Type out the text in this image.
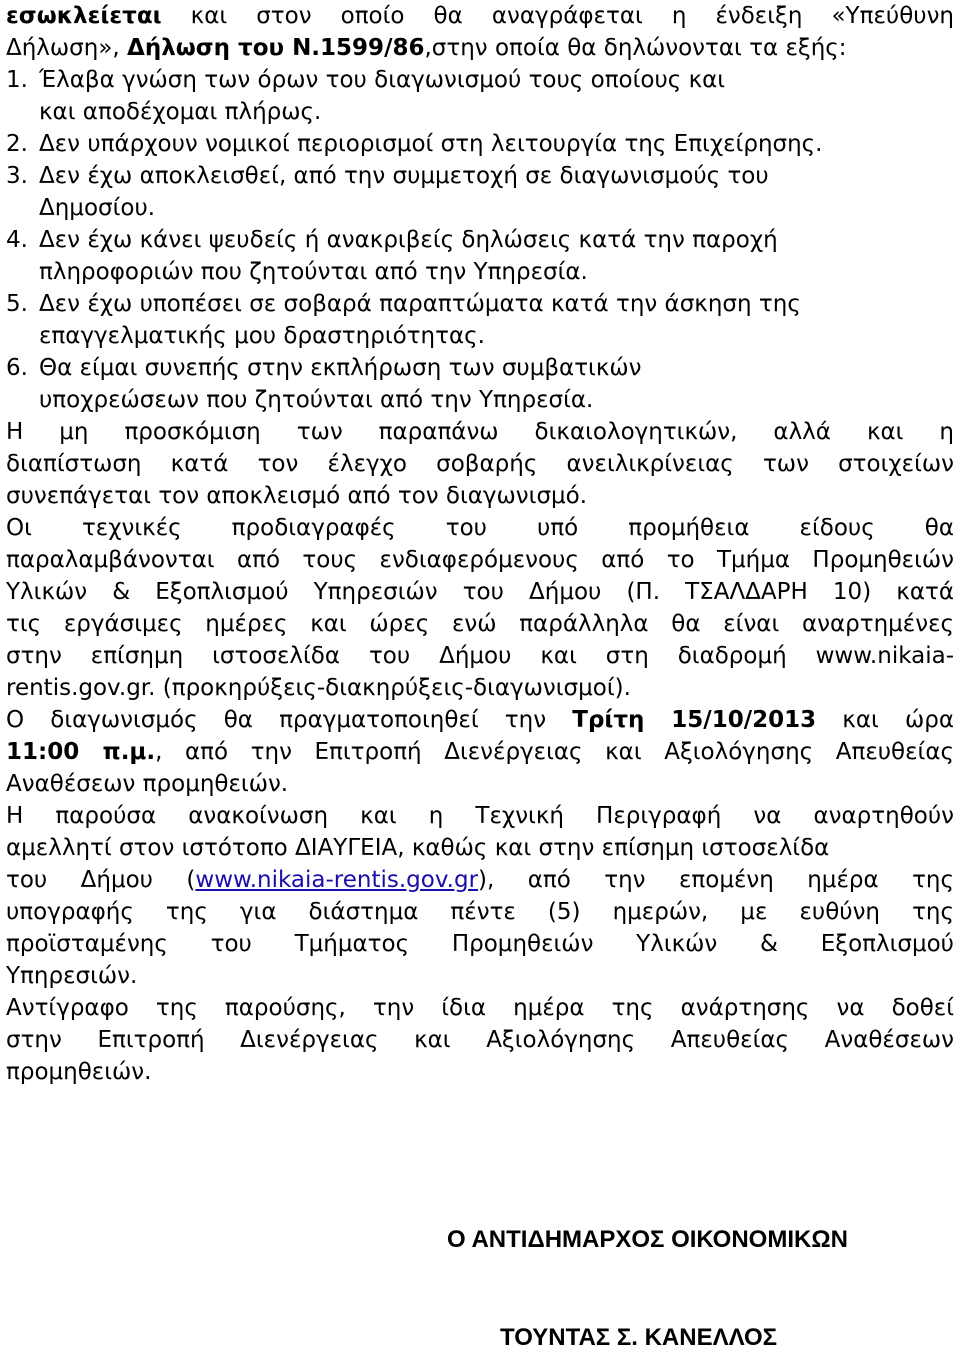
εσωκλείεται και στον οποίο θα αναγράφεται η ένδειξη «Υπεύθυνη
Δήλωση», Δήλωση του Ν.1599/86,στην οποία θα δηλώνονται τα εξής:
1. Έλαβα γνώση των όρων του διαγωνισμού τους οποίους και
και αποδέχομαι πλήρως.
2. Δεν υπάρχουν νομικοί περιορισμοί στη λειτουργία της Επιχείρησης.
3. Δεν έχω αποκλεισθεί, από την συμμετοχή σε διαγωνισμούς του
Δημοσίου.
4. Δεν έχω κάνει ψευδείς ή ανακριβείς δηλώσεις κατά την παροχή
πληροφοριών που ζητούνται από την Υπηρεσία.
5. Δεν έχω υποπέσει σε σοβαρά παραπτώματα κατά την άσκηση της
επαγγελματικής μου δραστηριότητας.
6. Θα είμαι συνεπής στην εκπλήρωση των συμβατικών
υποχρεώσεων που ζητούνται από την Υπηρεσία.
Η μη προσκόμιση των παραπάνω δικαιολογητικών, αλλά και η
διαπίστωση κατά τον έλεγχο σοβαρής ανειλικρίνειας των στοιχείων
συνεπάγεται τον αποκλεισμό από τον διαγωνισμό.
Οι τεχνικές προδιαγραφές του υπό προμήθεια είδους θα
παραλαμβάνονται από τους ενδιαφερόμενους από το Τμήμα Προμηθειών
Υλικών & Εξοπλισμού Υπηρεσιών του Δήμου (Π. ΤΣΑΛΔΑΡΗ 10) κατά
τις εργάσιμες ημέρες και ώρες ενώ παράλληλα θα είναι αναρτημένες
στην επίσημη ιστοσελίδα του Δήμου και στη διαδρομή www.nikaia-
rentis.gov.gr. (προκηρύξεις-διακηρύξεις-διαγωνισμοί).
Ο διαγωνισμός θα πραγματοποιηθεί την Τρίτη 15/10/2013 και ώρα
11:00 π.μ., από την Επιτροπή Διενέργειας και Αξιολόγησης Απευθείας
Αναθέσεων προμηθειών.
Η παρούσα ανακοίνωση και η Τεχνική Περιγραφή να αναρτηθούν
αμελλητί στον ιστότοπο ΔΙΑΥΓΕΙΑ, καθώς και στην επίσημη ιστοσελίδα
του Δήμου (www.nikaia-rentis.gov.gr), από την επομένη ημέρα της
υπογραφής της για διάστημα πέντε (5) ημερών, με ευθύνη της
προϊσταμένης του Τμήματος Προμηθειών Υλικών & Εξοπλισμού
Υπηρεσιών.
Αντίγραφο της παρούσης, την ίδια ημέρα της ανάρτησης να δοθεί
στην Επιτροπή Διενέργειας και Αξιολόγησης Απευθείας Αναθέσεων
προμηθειών.
Ο ΑΝΤΙΔΗΜΑΡΧΟΣ ΟΙΚΟΝΟΜΙΚΩΝ
ΤΟΥΝΤΑΣ Σ. ΚΑΝΕΛΛΟΣ
